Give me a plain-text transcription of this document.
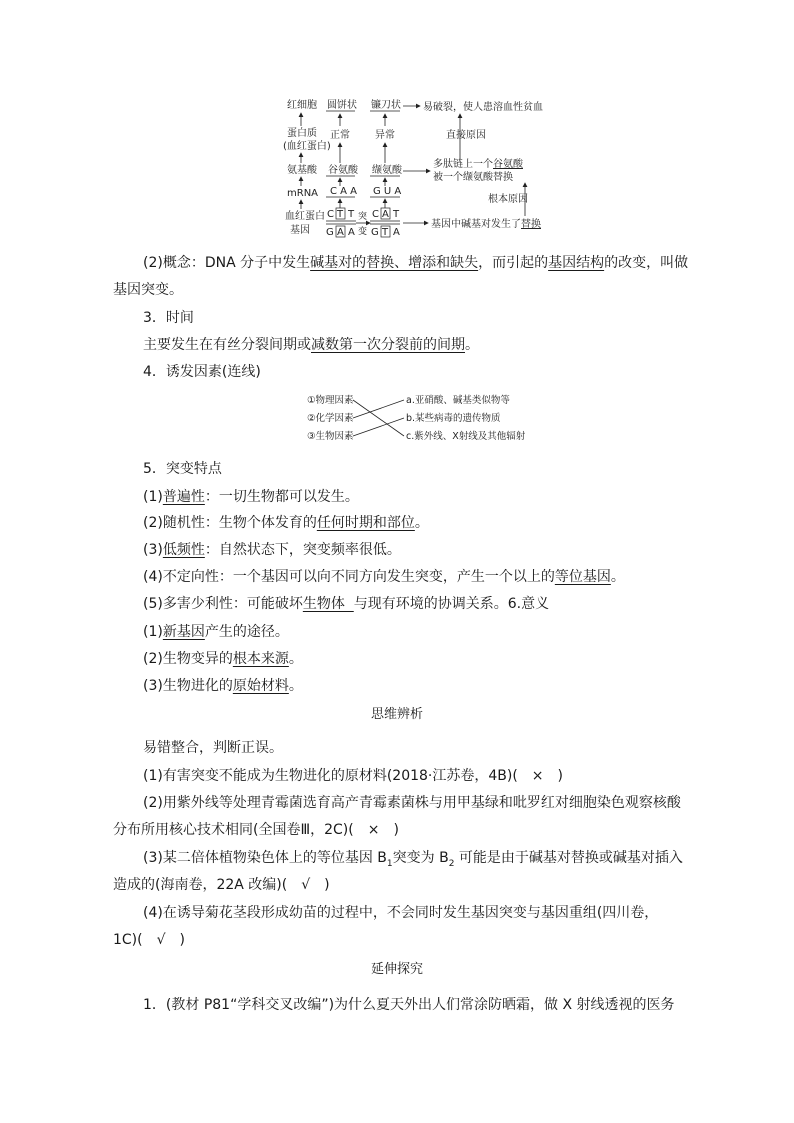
红细胞
蛋白质
(血红蛋白)
氨基酸
mRNA
血红蛋白
基因
圆饼状
正常
谷氨酸
C A A
C T T
G A A
突
变
镰刀状
异常
缬氨酸
G U A
C A T
G T A
易破裂，使人患溶血性贫血
多肽链上一个谷氨酸
被一个缬氨酸替换
直接原因
基因中碱基对发生了替换
根本原因
(2)概念：DNA 分子中发生碱基对的替换、增添和缺失，而引起的基因结构的改变，叫做
基因突变。
3．时间
主要发生在有丝分裂间期或减数第一次分裂前的间期。
4．诱发因素(连线)
①物理因素
②化学因素
③生物因素
a.亚硝酸、碱基类似物等
b.某些病毒的遗传物质
c.紫外线、X射线及其他辐射
5．突变特点
(1)普遍性：一切生物都可以发生。
(2)随机性：生物个体发育的任何时期和部位。
(3)低频性：自然状态下，突变频率很低。
(4)不定向性：一个基因可以向不同方向发生突变，产生一个以上的等位基因。
(5)多害少利性：可能破坏生物体  与现有环境的协调关系。6.意义
(1)新基因产生的途径。
(2)生物变异的根本来源。
(3)生物进化的原始材料。
思维辨析
易错整合，判断正误。
(1)有害突变不能成为生物进化的原材料(2018·江苏卷，4B)(　×　)
(2)用紫外线等处理青霉菌选育高产青霉素菌株与用甲基绿和吡罗红对细胞染色观察核酸
分布所用核心技术相同(全国卷Ⅲ，2C)(　×　)
(3)某二倍体植物染色体上的等位基因 $B_1$突变为 $B_2$ 可能是由于碱基对替换或碱基对插入
造成的(海南卷，22A 改编)(　√　)
(4)在诱导菊花茎段形成幼苗的过程中，不会同时发生基因突变与基因重组(四川卷，
1C)(　√　)
延伸探究
1．(教材 P81“学科交叉改编”)为什么夏天外出人们常涂防晒霜，做 X 射线透视的医务
